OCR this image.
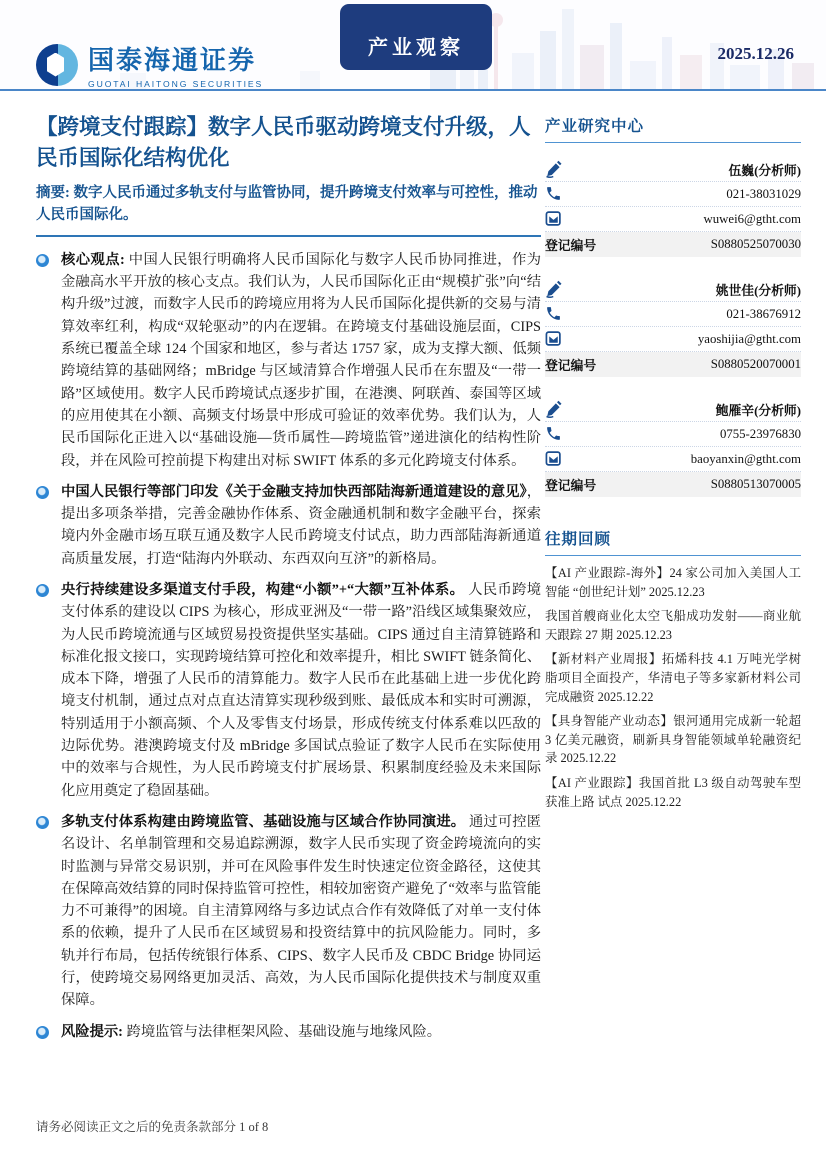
国泰海通证券
GUOTAI HAITONG SECURITIES
产业观察	2025.12.26
【跨境支付跟踪】数字人民币驱动跨境支付升级，人民币国际化结构优化
摘要: 数字人民币通过多轨支付与监管协同，提升跨境支付效率与可控性，推动人民币国际化。
核心观点: 中国人民银行明确将人民币国际化与数字人民币协同推进，作为金融高水平开放的核心支点。我们认为，人民币国际化正由“规模扩张”向“结构升级”过渡，而数字人民币的跨境应用将为人民币国际化提供新的交易与清算效率红利，构成“双轮驱动”的内在逻辑。在跨境支付基础设施层面，CIPS 系统已覆盖全球 124 个国家和地区，参与者达 1757 家，成为支撑大额、低频跨境结算的基础网络；mBridge 与区域清算合作增强人民币在东盟及“一带一路”区域使用。数字人民币跨境试点逐步扩围，在港澳、阿联酋、泰国等区域的应用使其在小额、高频支付场景中形成可验证的效率优势。我们认为，人民币国际化正进入以“基础设施—货币属性—跨境监管”递进演化的结构性阶段，并在风险可控前提下构建出对标 SWIFT 体系的多元化跨境支付体系。
中国人民银行等部门印发《关于金融支持加快西部陆海新通道建设的意见》，提出多项条举措，完善金融协作体系、资金融通机制和数字金融平台，探索境内外金融市场互联互通及数字人民币跨境支付试点，助力西部陆海新通道高质量发展，打造“陆海内外联动、东西双向互济”的新格局。
央行持续建设多渠道支付手段，构建“小额”+“大额”互补体系。 人民币跨境支付体系的建设以 CIPS 为核心，形成亚洲及“一带一路”沿线区域集聚效应，为人民币跨境流通与区域贸易投资提供坚实基础。CIPS 通过自主清算链路和标准化报文接口，实现跨境结算可控化和效率提升，相比 SWIFT 链条简化、成本下降，增强了人民币的清算能力。数字人民币在此基础上进一步优化跨境支付机制，通过点对点直达清算实现秒级到账、最低成本和实时可溯源，特别适用于小额高频、个人及零售支付场景，形成传统支付体系难以匹敌的边际优势。港澳跨境支付及 mBridge 多国试点验证了数字人民币在实际使用中的效率与合规性，为人民币跨境支付扩展场景、积累制度经验及未来国际化应用奠定了稳固基础。
多轨支付体系构建由跨境监管、基础设施与区域合作协同演进。 通过可控匿名设计、名单制管理和交易追踪溯源，数字人民币实现了资金跨境流向的实时监测与异常交易识别，并可在风险事件发生时快速定位资金路径，这使其在保障高效结算的同时保持监管可控性，相较加密资产避免了“效率与监管能力不可兼得”的困境。自主清算网络与多边试点合作有效降低了对单一支付体系的依赖，提升了人民币在区域贸易和投资结算中的抗风险能力。同时，多轨并行布局，包括传统银行体系、CIPS、数字人民币及 CBDC Bridge 协同运行，使跨境交易网络更加灵活、高效，为人民币国际化提供技术与制度双重保障。
风险提示: 跨境监管与法律框架风险、基础设施与地缘风险。
产业研究中心
伍巍(分析师)
021-38031029
wuwei6@gtht.com
登记编号	S0880525070030
姚世佳(分析师)
021-38676912
yaoshijia@gtht.com
登记编号	S0880520070001
鲍雁辛(分析师)
0755-23976830
baoyanxin@gtht.com
登记编号	S0880513070005
往期回顾
【AI 产业跟踪-海外】24 家公司加入美国人工智能 “创世纪计划” 2025.12.23
我国首艘商业化太空飞船成功发射——商业航天跟踪 27 期 2025.12.23
【新材料产业周报】拓烯科技 4.1 万吨光学树脂项目全面投产，华清电子等多家新材料公司完成融资 2025.12.22
【具身智能产业动态】银河通用完成新一轮超 3 亿美元融资，刷新具身智能领域单轮融资纪录 2025.12.22
【AI 产业跟踪】我国首批 L3 级自动驾驶车型获准上路 试点 2025.12.22
请务必阅读正文之后的免责条款部分 1 of 8
